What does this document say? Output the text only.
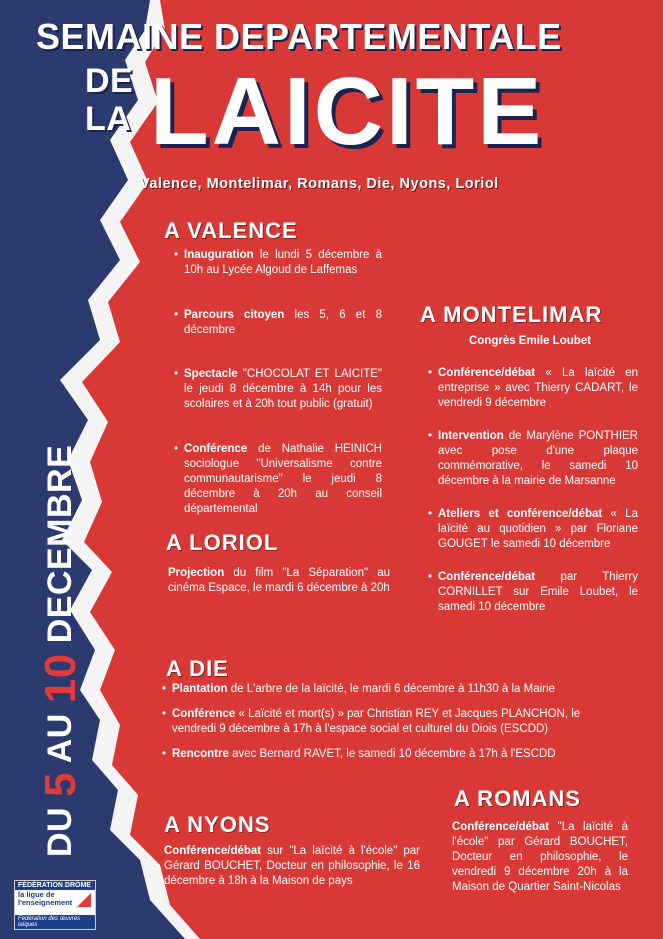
SEMAINE DEPARTEMENTALE
DE
LA LAICITE
Valence, Montelimar, Romans, Die, Nyons, Loriol
A VALENCE

• Inauguration le lundi 5 décembre à 10h au Lycée Algoud de Laffemas

• Parcours citoyen les 5, 6 et 8 décembre

• Spectacle "CHOCOLAT ET LAICITE" le jeudi 8 décembre à 14h pour les scolaires et à 20h tout public (gratuit)

• Conférence de Nathalie HEINICH sociologue "Universalisme contre communautarisme" le jeudi 8 décembre à 20h au conseil départemental

A MONTELIMAR
Congrès Emile Loubet

• Conférence/débat « La laïcité en entreprise » avec Thierry CADART, le vendredi 9 décembre

• Intervention de Marylène PONTHIER avec pose d'une plaque commémorative, le samedi 10 décembre à la mairie de Marsanne

• Ateliers et conférence/débat « La laïcité au quotidien » par Floriane GOUGET le samedi 10 décembre

• Conférence/débat par Thierry CORNILLET sur Emile Loubet, le samedi 10 décembre

A LORIOL
Projection du film "La Séparation" au cinéma Espace, le mardi 6 décembre à 20h
A DIE

• Plantation de L'arbre de la laïcité, le mardi 6 décembre à 11h30 à la Mairie

• Conférence « Laïcité et mort(s) » par Christian REY et Jacques PLANCHON, le vendredi 9 décembre à 17h à l'espace social et culturel du Diois (ESCDD)

• Rencontre avec Bernard RAVET, le samedi 10 décembre à 17h à l'ESCDD

A ROMANS
Conférence/débat "La laïcité à l'école" par Gérard BOUCHET, Docteur en philosophie, le vendredi 9 décembre 20h à la Maison de Quartier Saint-Nicolas
A NYONS
Conférence/débat sur "La laïcité à l'école" par Gérard BOUCHET, Docteur en philosophie, le 16 décembre à 18h à la Maison de pays
DU 5 AU 10 DECEMBRE
FÉDÉRATION DRÔME
la ligue de
l'enseignement
Fédération des œuvres laïques
